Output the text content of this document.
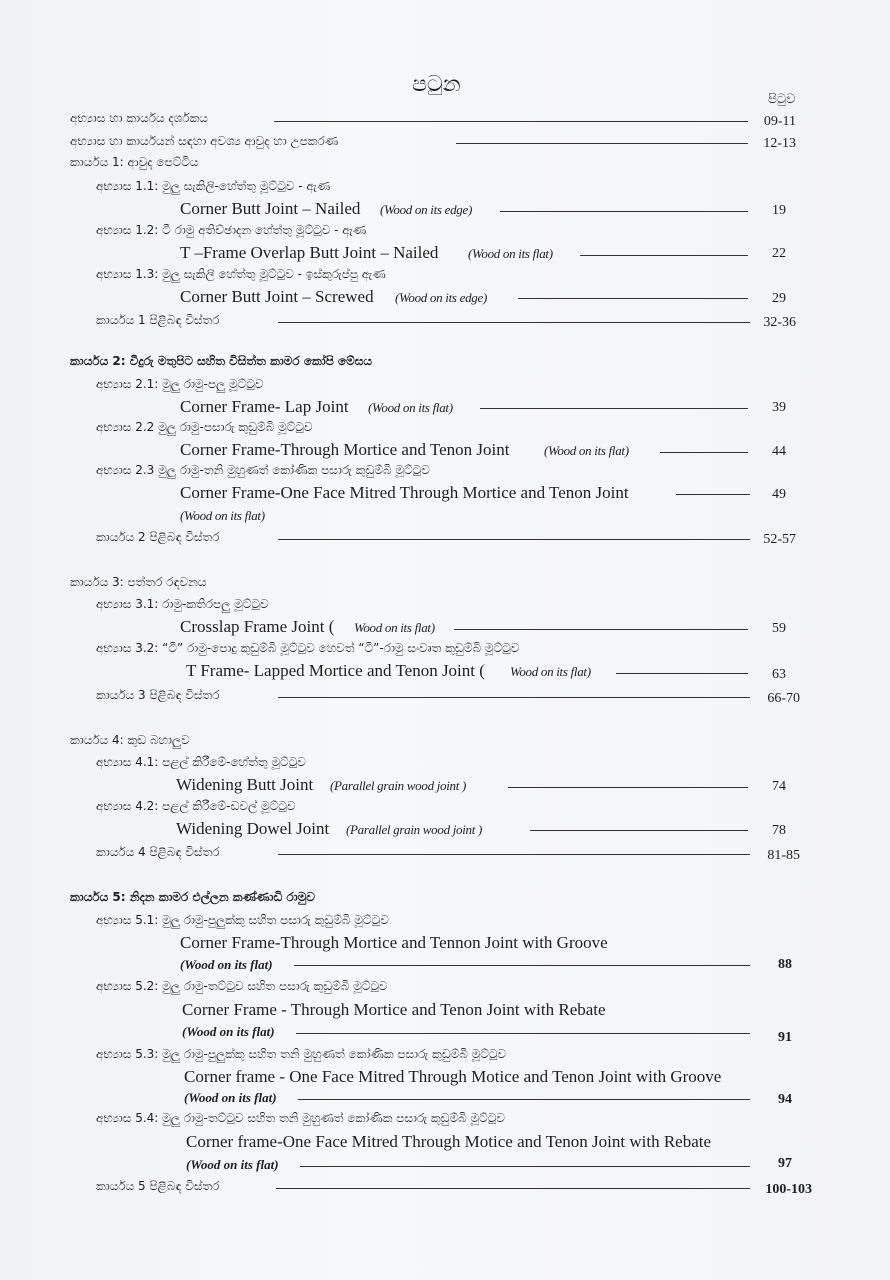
පටුන
පිටුව
අභ්‍යාස හා කාර්යය දර්ශකය	09-11
අභ්‍යාස හා කාර්යයන් සඳහා අවශ්‍ය ආවුද හා උපකරණ	12-13
කාර්යය 1: ආවුද පෙට්ටිය
අභ්‍යාස 1.1: මුලු සැකිලි-හේත්තු මූට්ටුව - ඇණ
Corner Butt Joint – Nailed (Wood on its edge)	19
අභ්‍යාස 1.2: ටී රාමු අතිච්ඡාදන හේත්තු මූට්ටුව - ඇණ
T –Frame Overlap Butt Joint – Nailed (Wood on its flat)	22
අභ්‍යාස 1.3: මුලු සැකිලි හේත්තු මූට්ටුව - ඉස්කුරුප්පු ඇණ
Corner Butt Joint – Screwed (Wood on its edge)	29
කාර්යය 1 පිළිබඳ විස්තර	32-36
කාර්යය 2: වීදුරු මතුපිට සහිත විසිත්ත කාමර කෝපි මේසය
අභ්‍යාස 2.1: මුලු රාමු-පලු මූට්ටුව
Corner Frame- Lap Joint (Wood on its flat)	39
අභ්‍යාස 2.2 මුලු රාමු-පසාරු කුඩුම්බි මූට්ටුව
Corner Frame-Through Mortice and Tenon Joint	(Wood on its flat)	44
අභ්‍යාස 2.3 මුලු රාමු-තනි මුහුණත් කෝණික පසාරු කුඩුම්බි මූට්ටුව
Corner Frame-One Face Mitred Through Mortice and Tenon Joint	49
(Wood on its flat)
කාර්යය 2 පිළිබඳ විස්තර	52-57
කාර්යය 3: පත්තර රඳවනය
අභ්‍යාස 3.1: රාමු-කතිරපලු මූට්ටුව
Crosslap Frame Joint ( Wood on its flat)	59
අභ්‍යාස 3.2: “ටී” රාමු-පොදු කුඩුම්බි මූට්ටුව හෙවත් “ටී”-රාමු සංවෘත කුඩුම්බි මූට්ටුව
T Frame- Lapped Mortice and Tenon Joint ( Wood on its flat)	63
කාර්යය 3 පිළිබඳ විස්තර	66-70
කාර්යය 4: කුඩ බහාලුව
අභ්‍යාස 4.1: පළල් කිරීමේ-හේත්තු මූට්ටුව
Widening Butt Joint (Parallel grain wood joint )	74
අභ්‍යාස 4.2: පළල් කිරීමේ-ඩවල් මූට්ටුව
Widening Dowel Joint (Parallel grain wood joint )	78
කාර්යය 4 පිළිබඳ විස්තර	81-85
කාර්යය 5: නිදන කාමර එල්ලන කණ්ණාඩි රාමුව
අභ්‍යාස 5.1: මුලු රාමු-පුලුක්කු සහිත පසාරු කුඩුම්බි මූට්ටුව
Corner Frame-Through Mortice and Tennon Joint with Groove
(Wood on its flat)	88
අභ්‍යාස 5.2: මුලු රාමු-තට්ටුව සහිත පසාරු කුඩුම්බි මූට්ටුව
Corner Frame - Through Mortice and Tenon Joint with Rebate
(Wood on its flat)	91
අභ්‍යාස 5.3: මුලු රාමු-පුලුක්කු සහිත තනි මුහුණත් කෝණික පසාරු කුඩුම්බි මූට්ටුව
Corner frame - One Face Mitred Through Motice and Tenon Joint with Groove
(Wood on its flat)	94
අභ්‍යාස 5.4: මුලු රාමු-තට්ටුව සහිත තනි මුහුණත් කෝණික පසාරු කුඩුම්බි මූට්ටුව
Corner frame-One Face Mitred Through Motice and Tenon Joint with Rebate
(Wood on its flat)	97
කාර්යය 5 පිළිබඳ විස්තර	100-103
